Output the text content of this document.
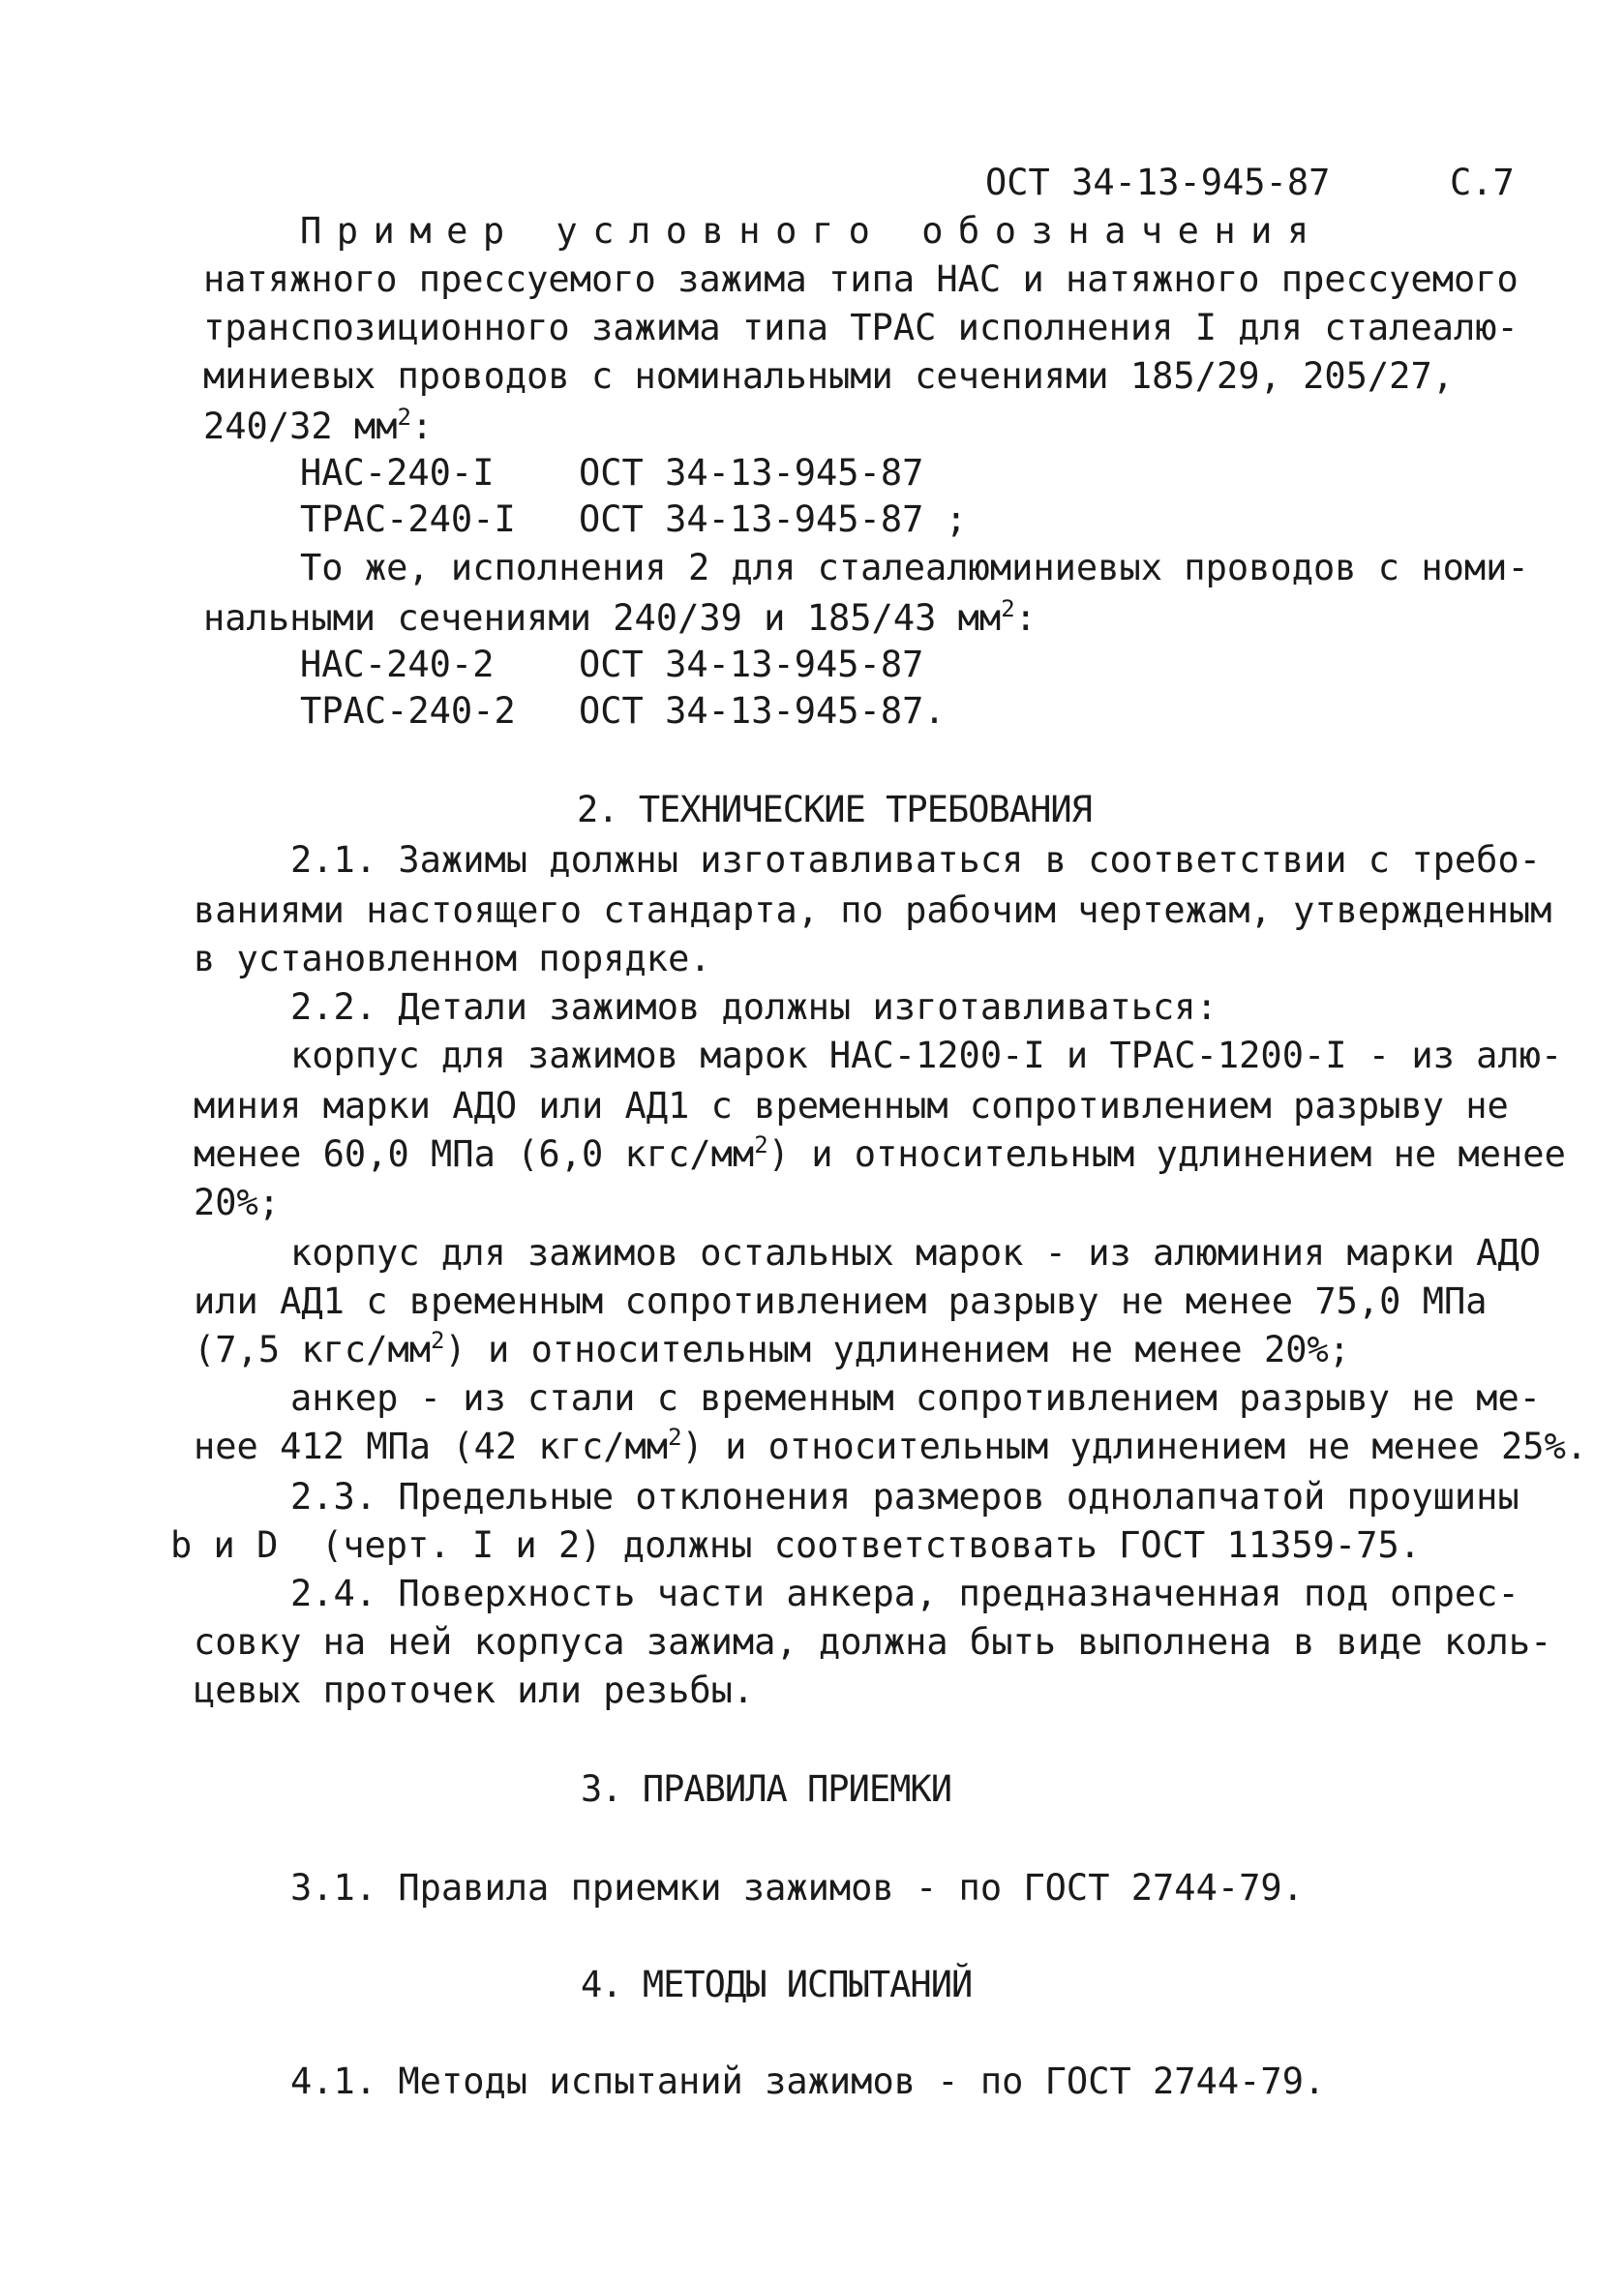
ОСТ 34-13-945-87	С.7
Пример условного обозначения
натяжного прессуемого зажима типа НАС и натяжного прессуемого
транспозиционного зажима типа ТРАС исполнения I для сталеалю-
миниевых проводов с номинальными сечениями 185/29, 205/27,
240/32 $мм^2$:
НАС-240-I ОСТ 34-13-945-87
ТРАС-240-I ОСТ 34-13-945-87 ;
То же, исполнения 2 для сталеалюминиевых проводов с номи-
нальными сечениями 240/39 и 185/43 $мм^2$:
НАС-240-2 ОСТ 34-13-945-87
ТРАС-240-2 ОСТ 34-13-945-87.
2. ТЕХНИЧЕСКИЕ ТРЕБОВАНИЯ
2.1. Зажимы должны изготавливаться в соответствии с требо-
ваниями настоящего стандарта, по рабочим чертежам, утвержденным
в установленном порядке.
2.2. Детали зажимов должны изготавливаться:
корпус для зажимов марок НАС-1200-I и ТРАС-1200-I - из алю-
миния марки АДО или АД1 с временным сопротивлением разрыву не
менее 60,0 МПа (6,0 кгс/$мм^2$) и относительным удлинением не менее
20%;
корпус для зажимов остальных марок - из алюминия марки АДО
или АД1 с временным сопротивлением разрыву не менее 75,0 МПа
(7,5 кгс/$мм^2$) и относительным удлинением не менее 20%;
анкер - из стали с временным сопротивлением разрыву не ме-
нее 412 МПа (42 кгс/$мм^2$) и относительным удлинением не менее 25%.
2.3. Предельные отклонения размеров однолапчатой проушины
b и D  (черт. I и 2) должны соответствовать ГОСТ 11359-75.
2.4. Поверхность части анкера, предназначенная под опрес-
совку на ней корпуса зажима, должна быть выполнена в виде коль-
цевых проточек или резьбы.
3. ПРАВИЛА ПРИЕМКИ
3.1. Правила приемки зажимов - по ГОСТ 2744-79.
4. МЕТОДЫ ИСПЫТАНИЙ
4.1. Методы испытаний зажимов - по ГОСТ 2744-79.
